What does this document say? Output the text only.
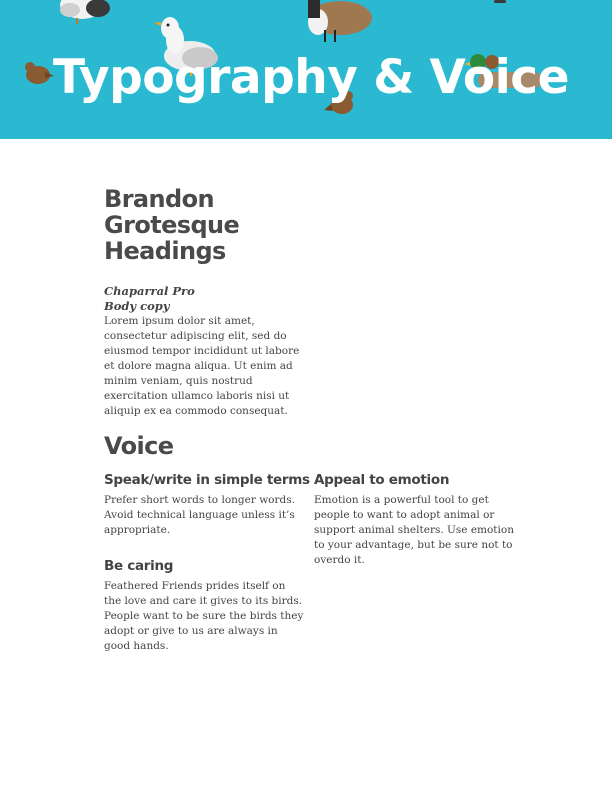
Typography & Voice
Brandon Grotesque Headings

Chaparral Pro

Body copy

Lorem ipsum dolor sit amet, consectetur adipiscing elit, sed do eiusmod tempor incididunt ut labore et dolore magna aliqua. Ut enim ad minim veniam, quis nostrud exercitation ullamco laboris nisi ut aliquip ex ea commodo consequat.

Voice
Speak/write in simple terms

Prefer short words to longer words. Avoid technical language unless it’s appropriate.

Be caring

Feathered Friends prides itself on the love and care it gives to its birds. People want to be sure the birds they adopt or give to us are always in good hands.

Appeal to emotion

Emotion is a powerful tool to get people to want to adopt animal or support animal shelters. Use emotion to your advantage, but be sure not to overdo it.
